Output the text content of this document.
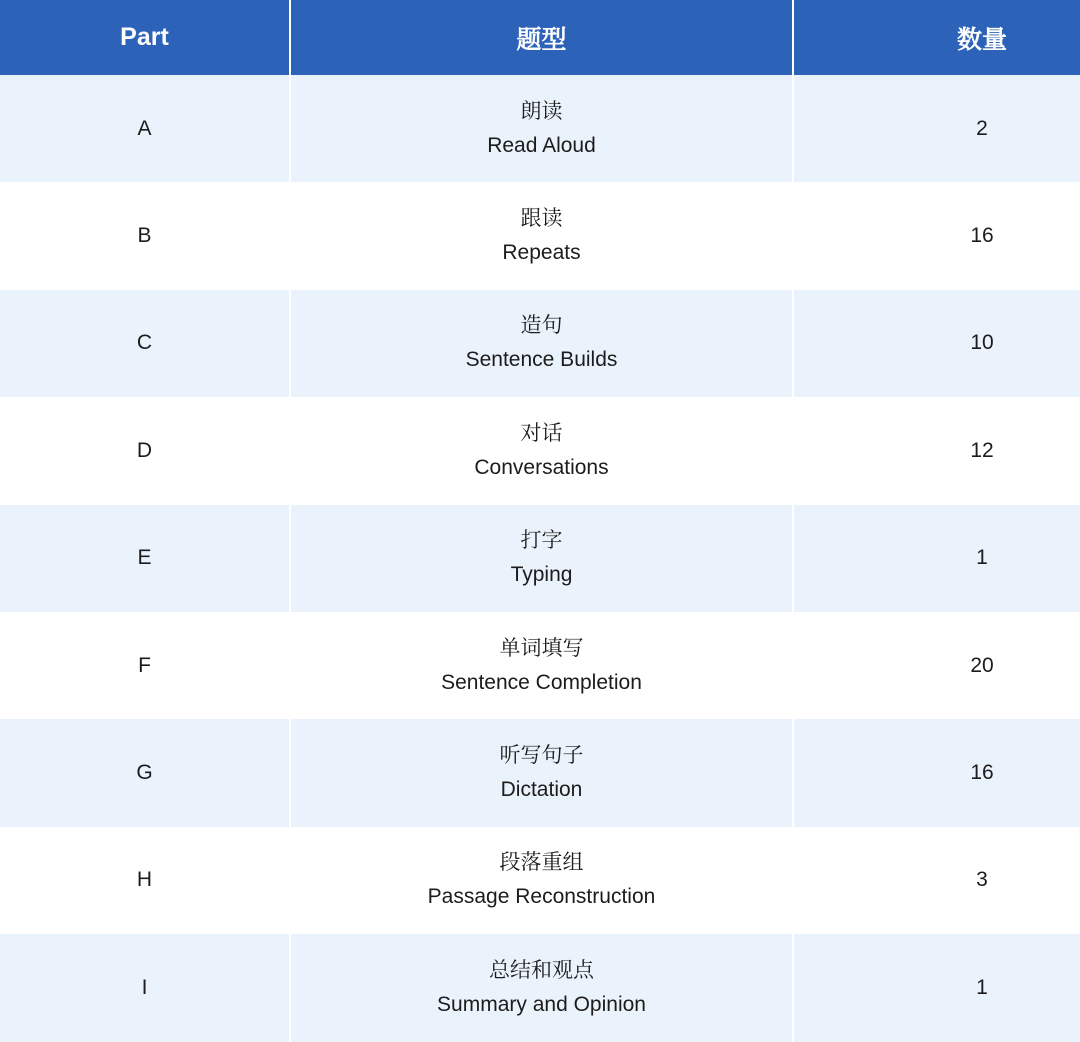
Part	题型	数量
A
朗读
Read Aloud
2
B
跟读
Repeats
16
C
造句
Sentence Builds
10
D
对话
Conversations
12
E
打字
Typing
1
F
单词填写
Sentence Completion
20
G
听写句子
Dictation
16
H
段落重组
Passage Reconstruction
3
I
总结和观点
Summary and Opinion
1
